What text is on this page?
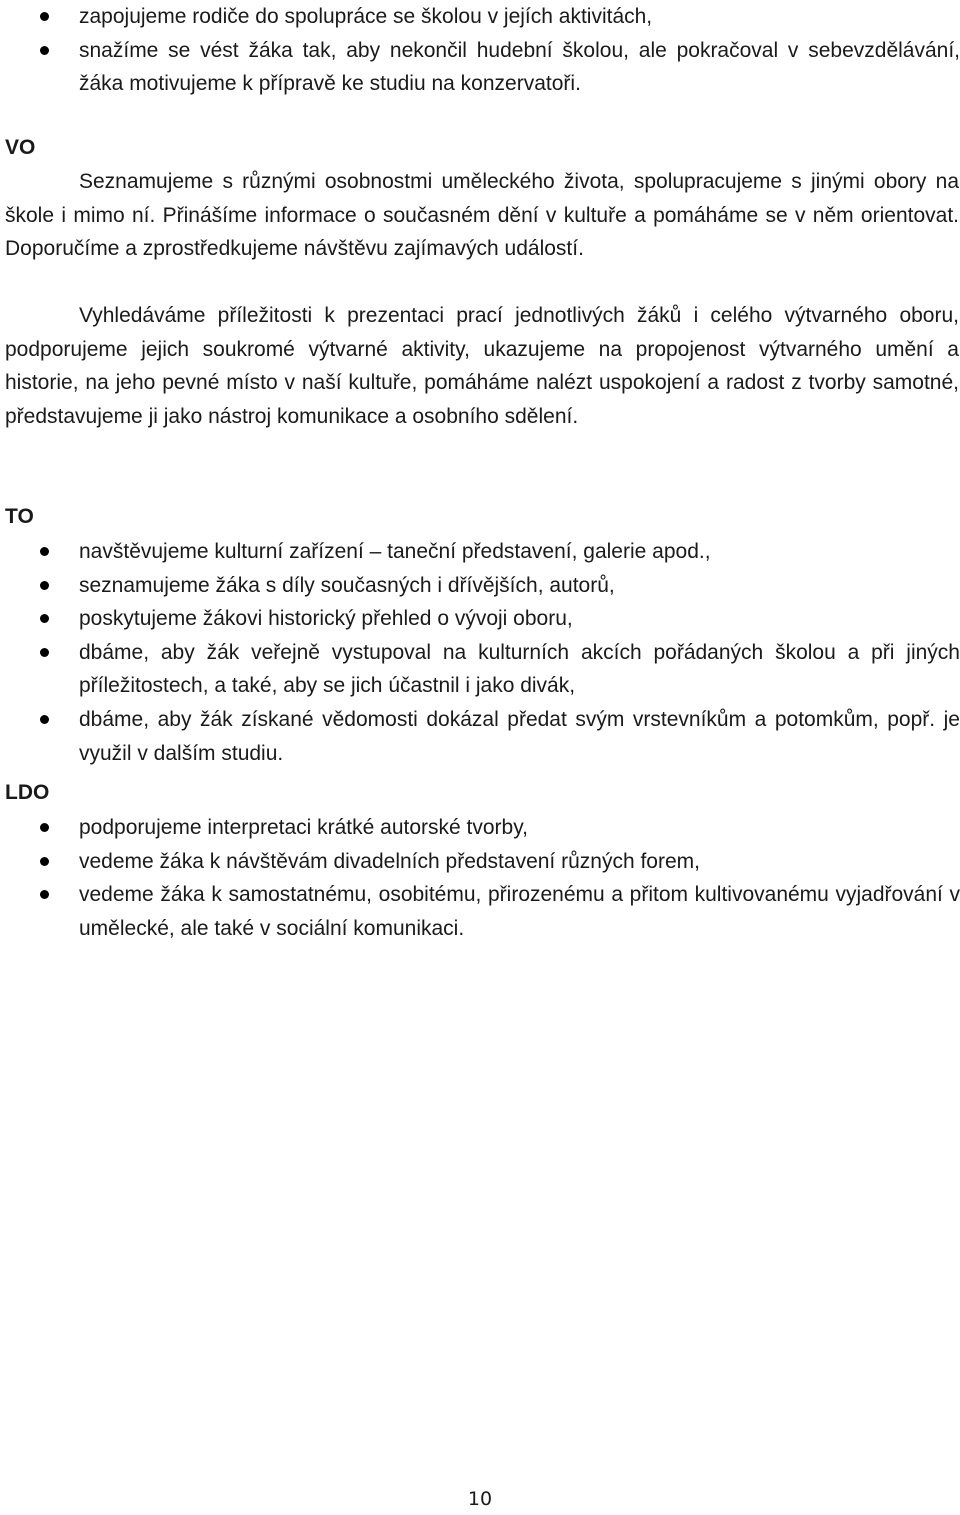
zapojujeme rodiče do spolupráce se školou v jejích aktivitách,
snažíme se vést žáka tak, aby nekončil hudební školou, ale pokračoval v sebevzdělávání, žáka motivujeme k přípravě ke studiu na konzervatoři.
VO

Seznamujeme s různými osobnostmi uměleckého života, spolupracujeme s jinými obory na škole i mimo ní. Přinášíme informace o současném dění v kultuře a pomáháme se v něm orientovat. Doporučíme a zprostředkujeme návštěvu zajímavých událostí.

Vyhledáváme příležitosti k prezentaci prací jednotlivých žáků i celého výtvarného oboru, podporujeme jejich soukromé výtvarné aktivity, ukazujeme na propojenost výtvarného umění a historie, na jeho pevné místo v naší kultuře, pomáháme nalézt uspokojení a radost z tvorby samotné, představujeme ji jako nástroj komunikace a osobního sdělení.

TO
navštěvujeme kulturní zařízení – taneční představení, galerie apod.,
seznamujeme žáka s díly současných i dřívějších, autorů,
poskytujeme žákovi historický přehled o vývoji oboru,
dbáme, aby žák veřejně vystupoval na kulturních akcích pořádaných školou a při jiných příležitostech, a také, aby se jich účastnil i jako divák,
dbáme, aby žák získané vědomosti dokázal předat svým vrstevníkům a potomkům, popř. je využil v dalším studiu.
LDO
podporujeme interpretaci krátké autorské tvorby,
vedeme žáka k návštěvám divadelních představení různých forem,
vedeme žáka k samostatnému, osobitému, přirozenému a přitom kultivovanému vyjadřování v umělecké, ale také v sociální komunikaci.
10
